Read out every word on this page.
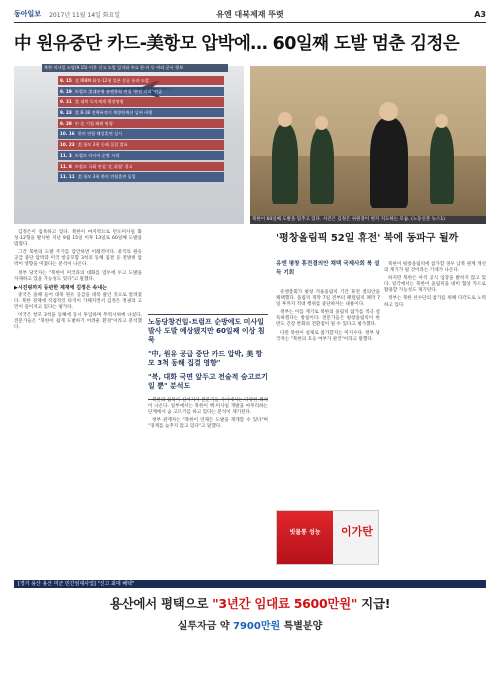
동아일보 2017년 11월 14일 화요일	유엔 대북제재 뚜렷	A3
中 원유중단 카드-美항모 압박에… 60일째 도발 멈춘 김정은
북한 미사일 도발(9.15) 이후 신고 도발 일지와 주요 한·미 등 여러 군사 행보
9. 15 北 IRBM 화성-12형 일본 상공 통과 도발
9. 19 트럼프 美대통령 유엔총회 연설 '완전 파괴' 언급
9. 21 美 대북 독자제재 행정명령
9. 23 美 B-1B 전략폭격기 북방한계선 넘어 비행
9. 28 中 北 기업 폐쇄 명령
10. 16 한미 연합 해상훈련 실시
10. 23 美 항모 3척 동해 집결 발표
11. 3 트럼프 아시아 순방 시작
11. 8 트럼프 국회 연설 '北 위협' 경고
11. 11 美 항모 3척 한미 연합훈련 돌입
북한이 60일째 도발을 멈추고 있다. 사진은 김정은 위원장이 현지 지도하는 모습. (노동신문 뉴스1)

김정은이 침묵하고 있다. 북한이 마지막으로 탄도미사일 화성-12형을 발사한 지난 9월 15일 이후 13일로 60일째 도발을 멈췄다.

그간 북한의 도발 주기를 감안하면 이례적이다. 중국의 원유 공급 중단 압박과 미국 항공모함 3척의 동해 집결 등 전방위 압박이 영향을 미쳤다는 분석이 나온다.

정부 당국자는 "북한이 미국과의 대화를 염두에 두고 도발을 자제하고 있을 가능성도 있다"고 말했다.

▶시진핑까지 등판한 제재에 김정은 속내는

중국은 올해 들어 대북 원유 공급을 대폭 줄인 것으로 알려졌다. 북한 경제에 직접적인 타격이 가해지면서 김정은 정권의 고민이 깊어지고 있다는 평가다.

미국은 항모 3척을 동해에 동시 투입하며 무력시위에 나섰다. 전문가들은 "북한이 쉽게 도발하기 어려운 환경"이라고 분석했다.

노동당창건일-트럼프 순방에도 미사일 발사 도발 예상됐지만 60일째 이상 침묵

"中, 원유 공급 중단 카드 압박, 美 항모 3척 동해 집결 영향"

"북, 대화 국면 앞두고 전술적 숨고르기 일 뿐" 분석도

북한의 침묵이 길어지자 전문가들 사이에서는 다양한 해석이 나온다. 일부에서는 북한이 핵·미사일 개발을 마무리하는 단계에서 숨 고르기를 하고 있다는 분석이 제기된다.

정부 관계자는 "북한이 언제든 도발을 재개할 수 있다"며 "경계를 늦추지 않고 있다"고 말했다.

'평창올림픽 52일 휴전' 북에 동파구 될까
유엔 평창 휴전결의안 채택 국제사회 북 설득 기회

유엔총회가 평창 겨울올림픽 기간 휴전 결의안을 채택했다. 올림픽 개막 7일 전부터 패럴림픽 폐막 7일 후까지 적대 행위를 중단하자는 내용이다.

정부는 이를 계기로 북한의 올림픽 참가를 적극 설득하겠다는 방침이다. 전문가들은 평창올림픽이 한반도 긴장 완화의 전환점이 될 수 있다고 평가했다.

다만 북한이 실제로 참가할지는 미지수다. 정부 당국자는 "북한의 호응 여부가 관건"이라고 말했다.

북한이 평창올림픽에 참가할 경우 남북 관계 개선의 계기가 될 것이라는 기대가 나온다.

하지만 북한은 아직 공식 입장을 밝히지 않고 있다. 일각에서는 북한이 올림픽을 대미 협상 카드로 활용할 가능성도 제기된다.

정부는 북한 선수단의 참가를 위해 다각도로 노력하고 있다.

빗물통 성능	이가탄
[경기 용산 용산 미군 민간임대사업] "신고 최대 혜택"
용산에서 평택으로 "3년간 임대료 5600만원" 지급!
실투자금 약 7900만원 특별분양
